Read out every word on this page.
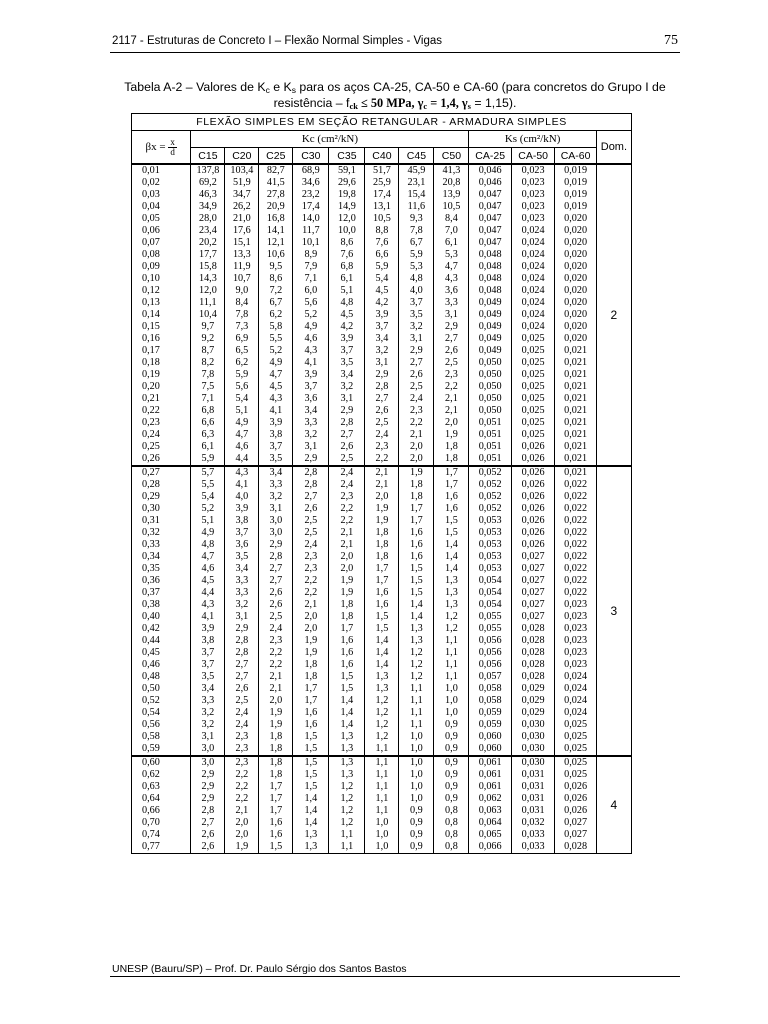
2117 - Estruturas de Concreto I – Flexão Normal Simples - Vigas	75
Tabela A-2 – Valores de Kc e Ks para os aços CA-25, CA-50 e CA-60 (para concretos do Grupo I de
resistência – fck ≤ 50 MPa, γc = 1,4, γs = 1,15).
FLEXÃO SIMPLES EM SEÇÃO RETANGULAR - ARMADURA SIMPLES												
$\beta x = \frac{x}{d}$	Kc (cm²/kN)								Ks (cm²/kN)			Dom.
	C15	C20	C25	C30	C35	C40	C45	C50	CA-25	CA-50	CA-60	
0,01	137,8	103,4	82,7	68,9	59,1	51,7	45,9	41,3	0,046	0,023	0,019	2
0,02	69,2	51,9	41,5	34,6	29,6	25,9	23,1	20,8	0,046	0,023	0,019	
0,03	46,3	34,7	27,8	23,2	19,8	17,4	15,4	13,9	0,047	0,023	0,019	
0,04	34,9	26,2	20,9	17,4	14,9	13,1	11,6	10,5	0,047	0,023	0,019	
0,05	28,0	21,0	16,8	14,0	12,0	10,5	9,3	8,4	0,047	0,023	0,020	
0,06	23,4	17,6	14,1	11,7	10,0	8,8	7,8	7,0	0,047	0,024	0,020	
0,07	20,2	15,1	12,1	10,1	8,6	7,6	6,7	6,1	0,047	0,024	0,020	
0,08	17,7	13,3	10,6	8,9	7,6	6,6	5,9	5,3	0,048	0,024	0,020	
0,09	15,8	11,9	9,5	7,9	6,8	5,9	5,3	4,7	0,048	0,024	0,020	
0,10	14,3	10,7	8,6	7,1	6,1	5,4	4,8	4,3	0,048	0,024	0,020	
0,12	12,0	9,0	7,2	6,0	5,1	4,5	4,0	3,6	0,048	0,024	0,020	
0,13	11,1	8,4	6,7	5,6	4,8	4,2	3,7	3,3	0,049	0,024	0,020	
0,14	10,4	7,8	6,2	5,2	4,5	3,9	3,5	3,1	0,049	0,024	0,020	
0,15	9,7	7,3	5,8	4,9	4,2	3,7	3,2	2,9	0,049	0,024	0,020	
0,16	9,2	6,9	5,5	4,6	3,9	3,4	3,1	2,7	0,049	0,025	0,020	
0,17	8,7	6,5	5,2	4,3	3,7	3,2	2,9	2,6	0,049	0,025	0,021	
0,18	8,2	6,2	4,9	4,1	3,5	3,1	2,7	2,5	0,050	0,025	0,021	
0,19	7,8	5,9	4,7	3,9	3,4	2,9	2,6	2,3	0,050	0,025	0,021	
0,20	7,5	5,6	4,5	3,7	3,2	2,8	2,5	2,2	0,050	0,025	0,021	
0,21	7,1	5,4	4,3	3,6	3,1	2,7	2,4	2,1	0,050	0,025	0,021	
0,22	6,8	5,1	4,1	3,4	2,9	2,6	2,3	2,1	0,050	0,025	0,021	
0,23	6,6	4,9	3,9	3,3	2,8	2,5	2,2	2,0	0,051	0,025	0,021	
0,24	6,3	4,7	3,8	3,2	2,7	2,4	2,1	1,9	0,051	0,025	0,021	
0,25	6,1	4,6	3,7	3,1	2,6	2,3	2,0	1,8	0,051	0,026	0,021	
0,26	5,9	4,4	3,5	2,9	2,5	2,2	2,0	1,8	0,051	0,026	0,021	
0,27	5,7	4,3	3,4	2,8	2,4	2,1	1,9	1,7	0,052	0,026	0,021	3
0,28	5,5	4,1	3,3	2,8	2,4	2,1	1,8	1,7	0,052	0,026	0,022	
0,29	5,4	4,0	3,2	2,7	2,3	2,0	1,8	1,6	0,052	0,026	0,022	
0,30	5,2	3,9	3,1	2,6	2,2	1,9	1,7	1,6	0,052	0,026	0,022	
0,31	5,1	3,8	3,0	2,5	2,2	1,9	1,7	1,5	0,053	0,026	0,022	
0,32	4,9	3,7	3,0	2,5	2,1	1,8	1,6	1,5	0,053	0,026	0,022	
0,33	4,8	3,6	2,9	2,4	2,1	1,8	1,6	1,4	0,053	0,026	0,022	
0,34	4,7	3,5	2,8	2,3	2,0	1,8	1,6	1,4	0,053	0,027	0,022	
0,35	4,6	3,4	2,7	2,3	2,0	1,7	1,5	1,4	0,053	0,027	0,022	
0,36	4,5	3,3	2,7	2,2	1,9	1,7	1,5	1,3	0,054	0,027	0,022	
0,37	4,4	3,3	2,6	2,2	1,9	1,6	1,5	1,3	0,054	0,027	0,022	
0,38	4,3	3,2	2,6	2,1	1,8	1,6	1,4	1,3	0,054	0,027	0,023	
0,40	4,1	3,1	2,5	2,0	1,8	1,5	1,4	1,2	0,055	0,027	0,023	
0,42	3,9	2,9	2,4	2,0	1,7	1,5	1,3	1,2	0,055	0,028	0,023	
0,44	3,8	2,8	2,3	1,9	1,6	1,4	1,3	1,1	0,056	0,028	0,023	
0,45	3,7	2,8	2,2	1,9	1,6	1,4	1,2	1,1	0,056	0,028	0,023	
0,46	3,7	2,7	2,2	1,8	1,6	1,4	1,2	1,1	0,056	0,028	0,023	
0,48	3,5	2,7	2,1	1,8	1,5	1,3	1,2	1,1	0,057	0,028	0,024	
0,50	3,4	2,6	2,1	1,7	1,5	1,3	1,1	1,0	0,058	0,029	0,024	
0,52	3,3	2,5	2,0	1,7	1,4	1,2	1,1	1,0	0,058	0,029	0,024	
0,54	3,2	2,4	1,9	1,6	1,4	1,2	1,1	1,0	0,059	0,029	0,024	
0,56	3,2	2,4	1,9	1,6	1,4	1,2	1,1	0,9	0,059	0,030	0,025	
0,58	3,1	2,3	1,8	1,5	1,3	1,2	1,0	0,9	0,060	0,030	0,025	
0,59	3,0	2,3	1,8	1,5	1,3	1,1	1,0	0,9	0,060	0,030	0,025	
0,60	3,0	2,3	1,8	1,5	1,3	1,1	1,0	0,9	0,061	0,030	0,025	4
0,62	2,9	2,2	1,8	1,5	1,3	1,1	1,0	0,9	0,061	0,031	0,025	
0,63	2,9	2,2	1,7	1,5	1,2	1,1	1,0	0,9	0,061	0,031	0,026	
0,64	2,9	2,2	1,7	1,4	1,2	1,1	1,0	0,9	0,062	0,031	0,026	
0,66	2,8	2,1	1,7	1,4	1,2	1,1	0,9	0,8	0,063	0,031	0,026	
0,70	2,7	2,0	1,6	1,4	1,2	1,0	0,9	0,8	0,064	0,032	0,027	
0,74	2,6	2,0	1,6	1,3	1,1	1,0	0,9	0,8	0,065	0,033	0,027	
0,77	2,6	1,9	1,5	1,3	1,1	1,0	0,9	0,8	0,066	0,033	0,028	
UNESP (Bauru/SP) – Prof. Dr. Paulo Sérgio dos Santos Bastos
